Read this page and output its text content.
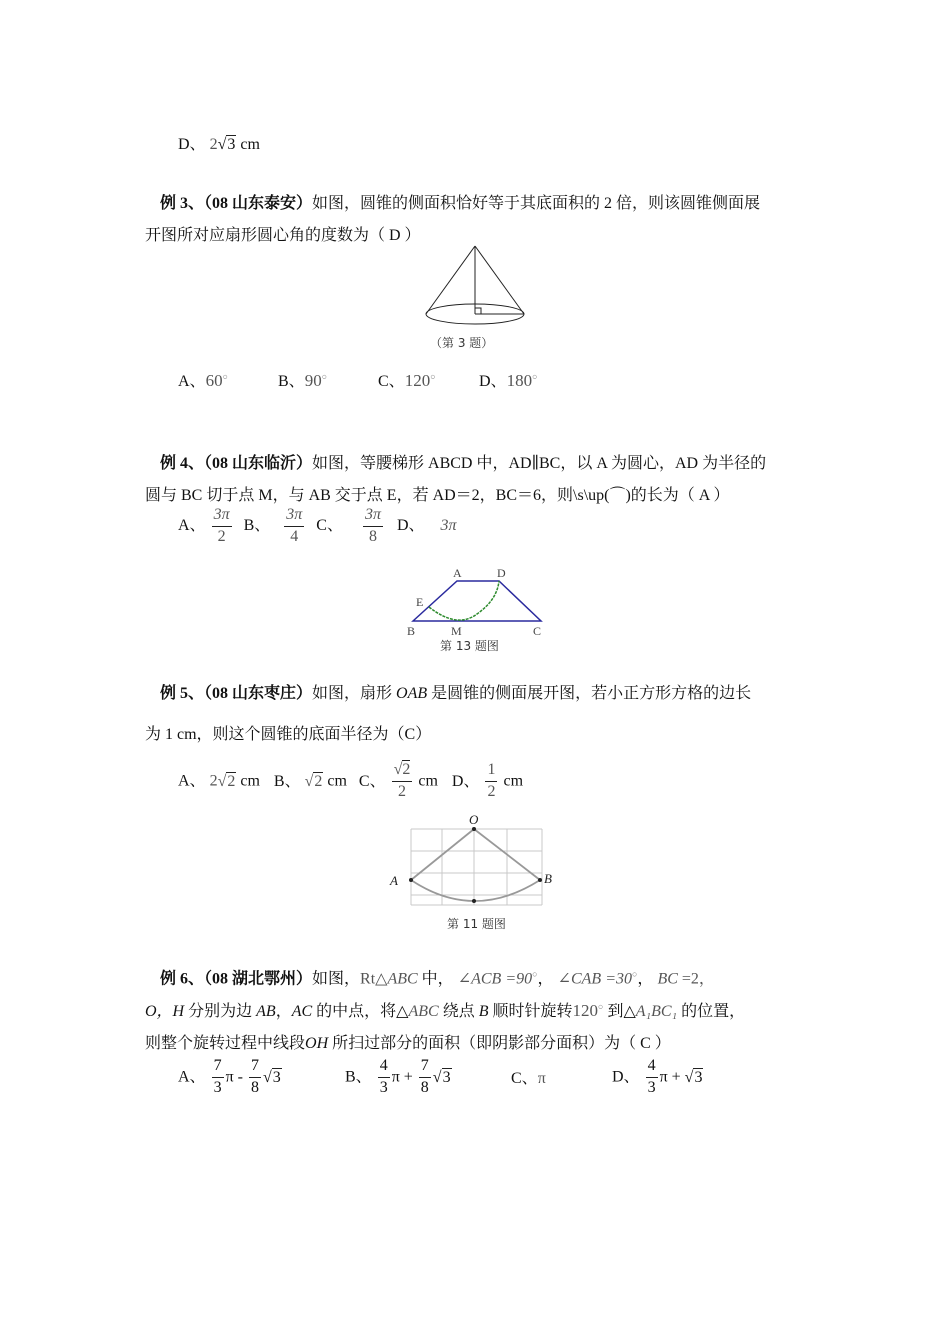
D、 2√3 cm
例 3、（08 山东泰安）如图，圆锥的侧面积恰好等于其底面积的 2 倍，则该圆锥侧面展
开图所对应扇形圆心角的度数为（ D ）
（第 3 题）
A、60○	B、90○	C、120○	D、180○
例 4、（08 山东临沂）如图，等腰梯形 ABCD 中，AD∥BC，以 A 为圆心，AD 为半径的
圆与 BC 切于点 M，与 AB 交于点 E，若 AD＝2，BC＝6，则\s\up(⌒)的长为（ A ）
A、 $\frac{3\pi}{2}$ B、 $\frac{3\pi}{4}$ C、 $\frac{3\pi}{8}$ D、 3π
A	D
E
B	M	C
第 13 题图
例 5、（08 山东枣庄）如图，扇形 OAB 是圆锥的侧面展开图，若小正方形方格的边长
为 1 cm，则这个圆锥的底面半径为（C）
A、 2√2 cm B、 √2 cm C、 $\frac{√2}{2}$ cm D、 $\frac{1}{2}$ cm
O
A	B
第 11 题图
例 6、（08 湖北鄂州）如图，Rt△ABC 中， ∠ACB =90○， ∠CAB =30○， BC =2，
O，H 分别为边 AB，AC 的中点，将△ABC 绕点 B 顺时针旋转120○ 到△A₁BC₁ 的位置，
则整个旋转过程中线段OH 所扫过部分的面积（即阴影部分面积）为（ C ）
A、 $\frac{7}{3}$ π - $\frac{7}{8} √3$	B、 $\frac{4}{3}$ $\pi + \frac{7}{8} √3$	C、π	D、 $\frac{4}{3}$ π + √3
